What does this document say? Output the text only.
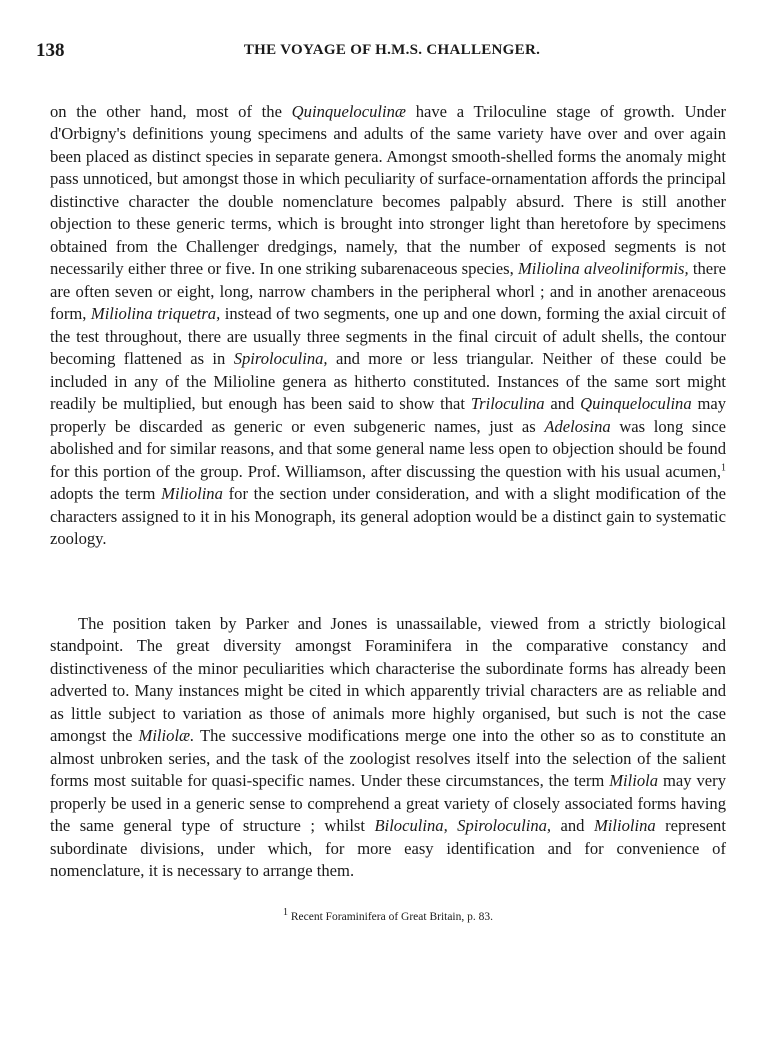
138	THE VOYAGE OF H.M.S. CHALLENGER.

on the other hand, most of the Quinqueloculinæ have a Triloculine stage of growth. Under d'Orbigny's definitions young specimens and adults of the same variety have over and over again been placed as distinct species in separate genera. Amongst smooth-shelled forms the anomaly might pass unnoticed, but amongst those in which peculiarity of surface-ornamentation affords the principal distinctive character the double nomenclature becomes palpably absurd. There is still another objection to these generic terms, which is brought into stronger light than heretofore by specimens obtained from the Challenger dredgings, namely, that the number of exposed segments is not necessarily either three or five. In one striking subarenaceous species, Miliolina alveoliniformis, there are often seven or eight, long, narrow chambers in the peripheral whorl ; and in another arenaceous form, Miliolina triquetra, instead of two segments, one up and one down, forming the axial circuit of the test throughout, there are usually three segments in the final circuit of adult shells, the contour becoming flattened as in Spiroloculina, and more or less triangular. Neither of these could be included in any of the Milioline genera as hitherto constituted. Instances of the same sort might readily be multiplied, but enough has been said to show that Triloculina and Quinqueloculina may properly be discarded as generic or even subgeneric names, just as Adelosina was long since abolished and for similar reasons, and that some general name less open to objection should be found for this portion of the group. Prof. Williamson, after discussing the question with his usual acumen,$^1$ adopts the term Miliolina for the section under consideration, and with a slight modification of the characters assigned to it in his Monograph, its general adoption would be a distinct gain to systematic zoology.

The position taken by Parker and Jones is unassailable, viewed from a strictly biological standpoint. The great diversity amongst Foraminifera in the comparative constancy and distinctiveness of the minor peculiarities which characterise the subordinate forms has already been adverted to. Many instances might be cited in which apparently trivial characters are as reliable and as little subject to variation as those of animals more highly organised, but such is not the case amongst the Miliolæ. The successive modifications merge one into the other so as to constitute an almost unbroken series, and the task of the zoologist resolves itself into the selection of the salient forms most suitable for quasi-specific names. Under these circumstances, the term Miliola may very properly be used in a generic sense to comprehend a great variety of closely associated forms having the same general type of structure ; whilst Biloculina, Spiroloculina, and Miliolina represent subordinate divisions, under which, for more easy identification and for convenience of nomenclature, it is necessary to arrange them.

$^1$ Recent Foraminifera of Great Britain, p. 83.
